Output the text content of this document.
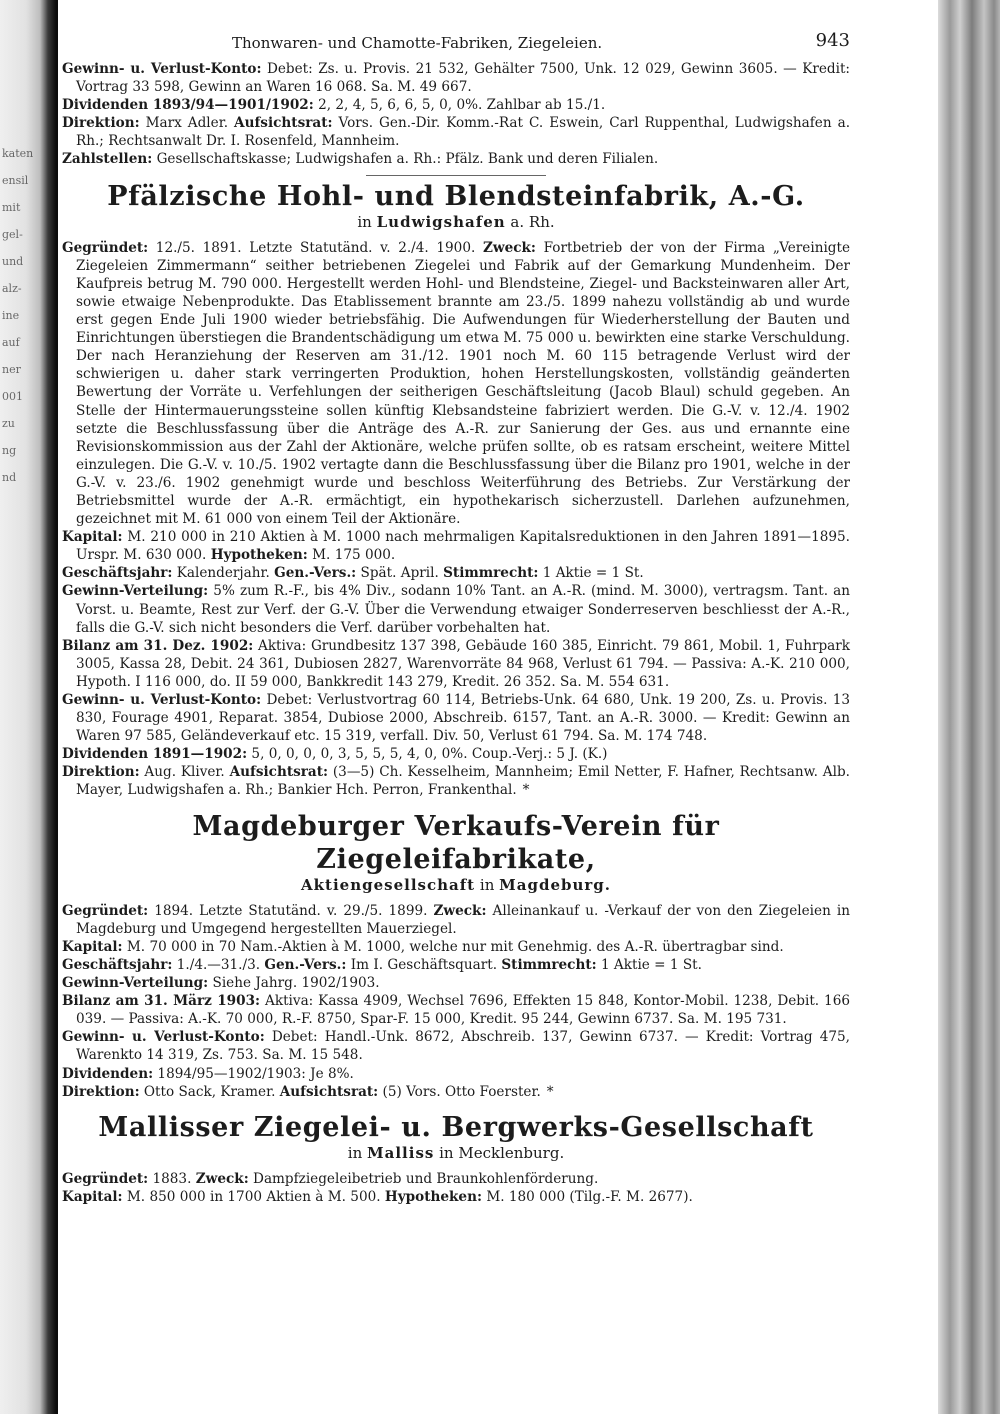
katen
ensil
mit
gel-
und
alz-
ine
auf
ner
001
zu
ng
nd
Thonwaren- und Chamotte-Fabriken, Ziegeleien.	943
Gewinn- u. Verlust-Konto: Debet: Zs. u. Provis. 21 532, Gehälter 7500, Unk. 12 029, Gewinn 3605. — Kredit: Vortrag 33 598, Gewinn an Waren 16 068. Sa. M. 49 667.
Dividenden 1893/94—1901/1902: 2, 2, 4, 5, 6, 6, 5, 0, 0%. Zahlbar ab 15./1.
Direktion: Marx Adler. Aufsichtsrat: Vors. Gen.-Dir. Komm.-Rat C. Eswein, Carl Ruppenthal, Ludwigshafen a. Rh.; Rechtsanwalt Dr. I. Rosenfeld, Mannheim.
Zahlstellen: Gesellschaftskasse; Ludwigshafen a. Rh.: Pfälz. Bank und deren Filialen.
Pfälzische Hohl- und Blendsteinfabrik, A.-G.
in Ludwigshafen a. Rh.
Gegründet: 12./5. 1891. Letzte Statutänd. v. 2./4. 1900. Zweck: Fortbetrieb der von der Firma „Vereinigte Ziegeleien Zimmermann“ seither betriebenen Ziegelei und Fabrik auf der Gemarkung Mundenheim. Der Kaufpreis betrug M. 790 000. Hergestellt werden Hohl- und Blendsteine, Ziegel- und Backsteinwaren aller Art, sowie etwaige Nebenprodukte. Das Etablissement brannte am 23./5. 1899 nahezu vollständig ab und wurde erst gegen Ende Juli 1900 wieder betriebsfähig. Die Aufwendungen für Wiederherstellung der Bauten und Einrichtungen überstiegen die Brandentschädigung um etwa M. 75 000 u. bewirkten eine starke Verschuldung. Der nach Heranziehung der Reserven am 31./12. 1901 noch M. 60 115 betragende Verlust wird der schwierigen u. daher stark verringerten Produktion, hohen Herstellungskosten, vollständig geänderten Bewertung der Vorräte u. Verfehlungen der seitherigen Geschäftsleitung (Jacob Blaul) schuld gegeben. An Stelle der Hintermauerungssteine sollen künftig Klebsandsteine fabriziert werden. Die G.-V. v. 12./4. 1902 setzte die Beschlussfassung über die Anträge des A.-R. zur Sanierung der Ges. aus und ernannte eine Revisionskommission aus der Zahl der Aktionäre, welche prüfen sollte, ob es ratsam erscheint, weitere Mittel einzulegen. Die G.-V. v. 10./5. 1902 vertagte dann die Beschlussfassung über die Bilanz pro 1901, welche in der G.-V. v. 23./6. 1902 genehmigt wurde und beschloss Weiterführung des Betriebs. Zur Verstärkung der Betriebsmittel wurde der A.-R. ermächtigt, ein hypothekarisch sicherzustell. Darlehen aufzunehmen, gezeichnet mit M. 61 000 von einem Teil der Aktionäre.
Kapital: M. 210 000 in 210 Aktien à M. 1000 nach mehrmaligen Kapitalsreduktionen in den Jahren 1891—1895. Urspr. M. 630 000. Hypotheken: M. 175 000.
Geschäftsjahr: Kalenderjahr. Gen.-Vers.: Spät. April. Stimmrecht: 1 Aktie = 1 St.
Gewinn-Verteilung: 5% zum R.-F., bis 4% Div., sodann 10% Tant. an A.-R. (mind. M. 3000), vertragsm. Tant. an Vorst. u. Beamte, Rest zur Verf. der G.-V. Über die Verwendung etwaiger Sonderreserven beschliesst der A.-R., falls die G.-V. sich nicht besonders die Verf. darüber vorbehalten hat.
Bilanz am 31. Dez. 1902: Aktiva: Grundbesitz 137 398, Gebäude 160 385, Einricht. 79 861, Mobil. 1, Fuhrpark 3005, Kassa 28, Debit. 24 361, Dubiosen 2827, Warenvorräte 84 968, Verlust 61 794. — Passiva: A.-K. 210 000, Hypoth. I 116 000, do. II 59 000, Bankkredit 143 279, Kredit. 26 352. Sa. M. 554 631.
Gewinn- u. Verlust-Konto: Debet: Verlustvortrag 60 114, Betriebs-Unk. 64 680, Unk. 19 200, Zs. u. Provis. 13 830, Fourage 4901, Reparat. 3854, Dubiose 2000, Abschreib. 6157, Tant. an A.-R. 3000. — Kredit: Gewinn an Waren 97 585, Geländeverkauf etc. 15 319, verfall. Div. 50, Verlust 61 794. Sa. M. 174 748.
Dividenden 1891—1902: 5, 0, 0, 0, 0, 3, 5, 5, 5, 4, 0, 0%. Coup.-Verj.: 5 J. (K.)
Direktion: Aug. Kliver. Aufsichtsrat: (3—5) Ch. Kesselheim, Mannheim; Emil Netter, F. Hafner, Rechtsanw. Alb. Mayer, Ludwigshafen a. Rh.; Bankier Hch. Perron, Frankenthal. *
Magdeburger Verkaufs-Verein für Ziegeleifabrikate,
Aktiengesellschaft in Magdeburg.
Gegründet: 1894. Letzte Statutänd. v. 29./5. 1899. Zweck: Alleinankauf u. -Verkauf der von den Ziegeleien in Magdeburg und Umgegend hergestellten Mauerziegel.
Kapital: M. 70 000 in 70 Nam.-Aktien à M. 1000, welche nur mit Genehmig. des A.-R. übertragbar sind.
Geschäftsjahr: 1./4.—31./3. Gen.-Vers.: Im I. Geschäftsquart. Stimmrecht: 1 Aktie = 1 St.
Gewinn-Verteilung: Siehe Jahrg. 1902/1903.
Bilanz am 31. März 1903: Aktiva: Kassa 4909, Wechsel 7696, Effekten 15 848, Kontor-Mobil. 1238, Debit. 166 039. — Passiva: A.-K. 70 000, R.-F. 8750, Spar-F. 15 000, Kredit. 95 244, Gewinn 6737. Sa. M. 195 731.
Gewinn- u. Verlust-Konto: Debet: Handl.-Unk. 8672, Abschreib. 137, Gewinn 6737. — Kredit: Vortrag 475, Warenkto 14 319, Zs. 753. Sa. M. 15 548.
Dividenden: 1894/95—1902/1903: Je 8%.
Direktion: Otto Sack, Kramer. Aufsichtsrat: (5) Vors. Otto Foerster. *
Mallisser Ziegelei- u. Bergwerks-Gesellschaft
in Malliss in Mecklenburg.
Gegründet: 1883. Zweck: Dampfziegeleibetrieb und Braunkohlenförderung.
Kapital: M. 850 000 in 1700 Aktien à M. 500. Hypotheken: M. 180 000 (Tilg.-F. M. 2677).
